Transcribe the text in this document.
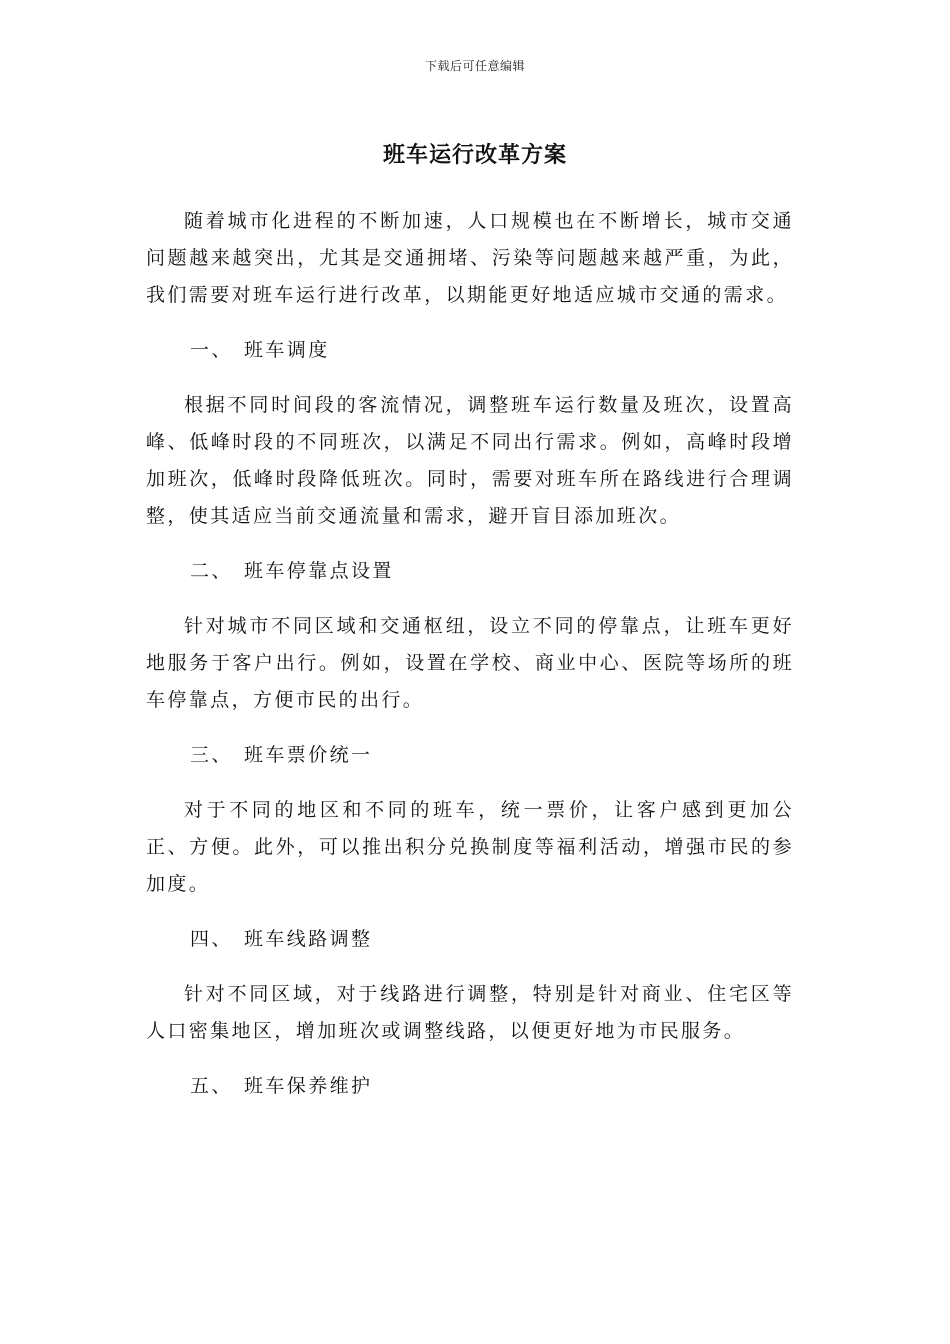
下载后可任意编辑
班车运行改革方案

随着城市化进程的不断加速，人口规模也在不断增长，城市交通问题越来越突出，尤其是交通拥堵、污染等问题越来越严重，为此，我们需要对班车运行进行改革，以期能更好地适应城市交通的需求。

一、 班车调度

根据不同时间段的客流情况，调整班车运行数量及班次，设置高峰、低峰时段的不同班次，以满足不同出行需求。例如，高峰时段增加班次，低峰时段降低班次。同时，需要对班车所在路线进行合理调整，使其适应当前交通流量和需求，避开盲目添加班次。

二、 班车停靠点设置

针对城市不同区域和交通枢纽，设立不同的停靠点，让班车更好地服务于客户出行。例如，设置在学校、商业中心、医院等场所的班车停靠点，方便市民的出行。

三、 班车票价统一

对于不同的地区和不同的班车，统一票价，让客户感到更加公正、方便。此外，可以推出积分兑换制度等福利活动，增强市民的参加度。

四、 班车线路调整

针对不同区域，对于线路进行调整，特别是针对商业、住宅区等人口密集地区，增加班次或调整线路，以便更好地为市民服务。

五、 班车保养维护
